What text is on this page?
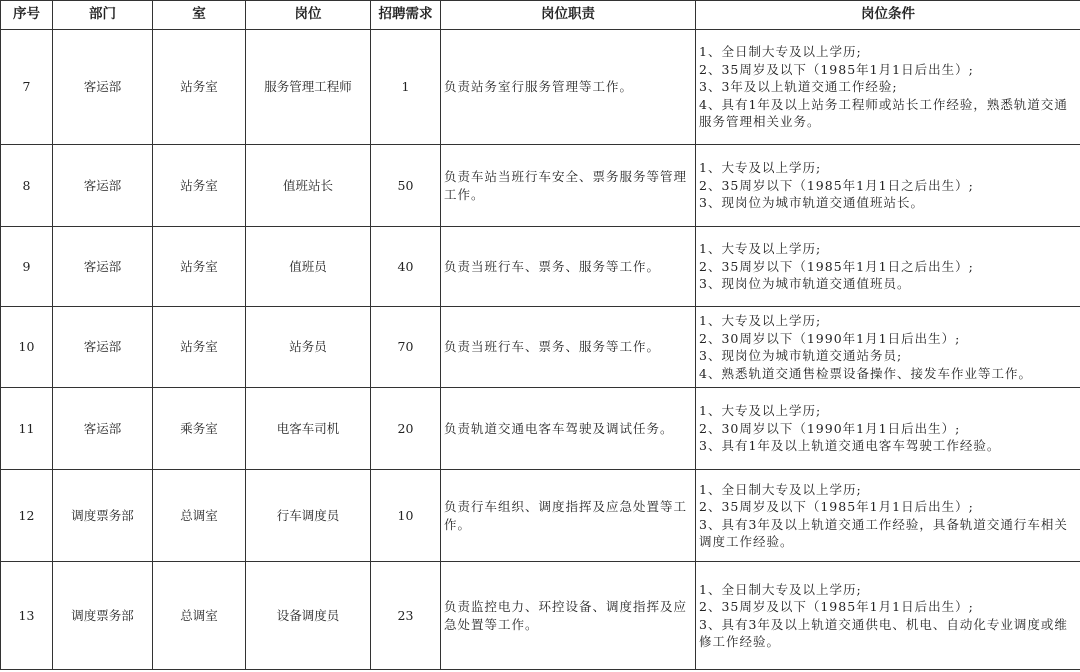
序号	部门	室	岗位	招聘需求	岗位职责	岗位条件
7	客运部	站务室	服务管理工程师	1	负责站务室行服务管理等工作。	1、全日制大专及以上学历;
2、35周岁及以下（1985年1月1日后出生）;
3、3年及以上轨道交通工作经验;
4、具有1年及以上站务工程师或站长工作经验，熟悉轨道交通服务管理相关业务。

8	客运部	站务室	值班站长	50	负责车站当班行车安全、票务服务等管理工作。	1、大专及以上学历;
2、35周岁以下（1985年1月1日之后出生）;
3、现岗位为城市轨道交通值班站长。

9	客运部	站务室	值班员	40	负责当班行车、票务、服务等工作。	1、大专及以上学历;
2、35周岁以下（1985年1月1日之后出生）;
3、现岗位为城市轨道交通值班员。

10	客运部	站务室	站务员	70	负责当班行车、票务、服务等工作。	1、大专及以上学历;
2、30周岁以下（1990年1月1日后出生）;
3、现岗位为城市轨道交通站务员;
4、熟悉轨道交通售检票设备操作、接发车作业等工作。

11	客运部	乘务室	电客车司机	20	负责轨道交通电客车驾驶及调试任务。	1、大专及以上学历;
2、30周岁以下（1990年1月1日后出生）;
3、具有1年及以上轨道交通电客车驾驶工作经验。

12	调度票务部	总调室	行车调度员	10	负责行车组织、调度指挥及应急处置等工作。	1、全日制大专及以上学历;
2、35周岁及以下（1985年1月1日后出生）;
3、具有3年及以上轨道交通工作经验，具备轨道交通行车相关调度工作经验。

13	调度票务部	总调室	设备调度员	23	负责监控电力、环控设备、调度指挥及应急处置等工作。	1、全日制大专及以上学历;
2、35周岁及以下（1985年1月1日后出生）;
3、具有3年及以上轨道交通供电、机电、自动化专业调度或维修工作经验。
